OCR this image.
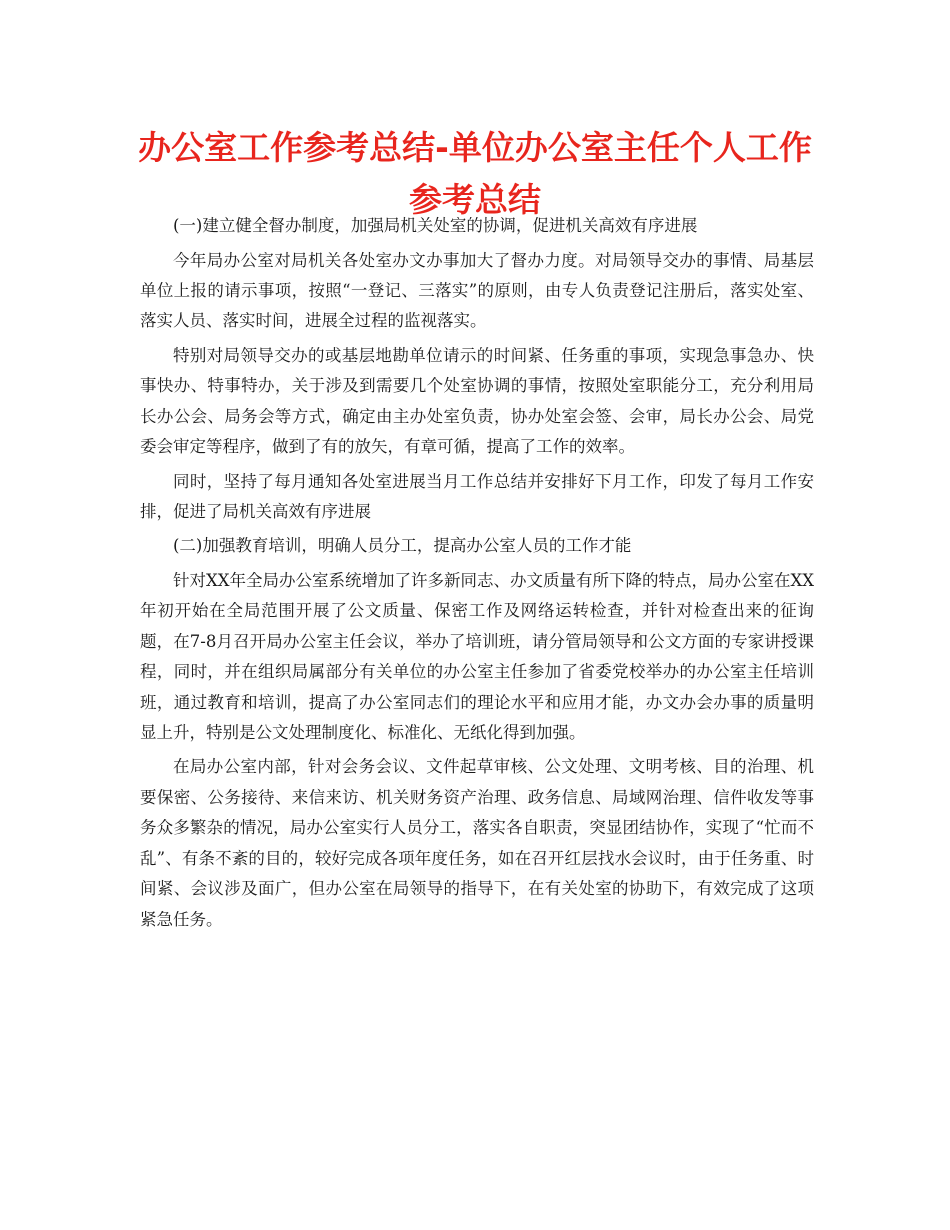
办公室工作参考总结-单位办公室主任个人工作参考总结

(一)建立健全督办制度，加强局机关处室的协调，促进机关高效有序进展

今年局办公室对局机关各处室办文办事加大了督办力度。对局领导交办的事情、局基层单位上报的请示事项，按照“一登记、三落实”的原则，由专人负责登记注册后，落实处室、落实人员、落实时间，进展全过程的监视落实。

特别对局领导交办的或基层地勘单位请示的时间紧、任务重的事项，实现急事急办、快事快办、特事特办，关于涉及到需要几个处室协调的事情，按照处室职能分工，充分利用局长办公会、局务会等方式，确定由主办处室负责，协办处室会签、会审，局长办公会、局党委会审定等程序，做到了有的放矢，有章可循，提高了工作的效率。

同时，坚持了每月通知各处室进展当月工作总结并安排好下月工作，印发了每月工作安排，促进了局机关高效有序进展

(二)加强教育培训，明确人员分工，提高办公室人员的工作才能

针对XX年全局办公室系统增加了许多新同志、办文质量有所下降的特点，局办公室在XX年初开始在全局范围开展了公文质量、保密工作及网络运转检查，并针对检查出来的征询题，在7-8月召开局办公室主任会议，举办了培训班，请分管局领导和公文方面的专家讲授课程，同时，并在组织局属部分有关单位的办公室主任参加了省委党校举办的办公室主任培训班，通过教育和培训，提高了办公室同志们的理论水平和应用才能，办文办会办事的质量明显上升，特别是公文处理制度化、标准化、无纸化得到加强。

在局办公室内部，针对会务会议、文件起草审核、公文处理、文明考核、目的治理、机要保密、公务接待、来信来访、机关财务资产治理、政务信息、局域网治理、信件收发等事务众多繁杂的情况，局办公室实行人员分工，落实各自职责，突显团结协作，实现了“忙而不乱”、有条不紊的目的，较好完成各项年度任务，如在召开红层找水会议时，由于任务重、时间紧、会议涉及面广，但办公室在局领导的指导下，在有关处室的协助下，有效完成了这项紧急任务。
